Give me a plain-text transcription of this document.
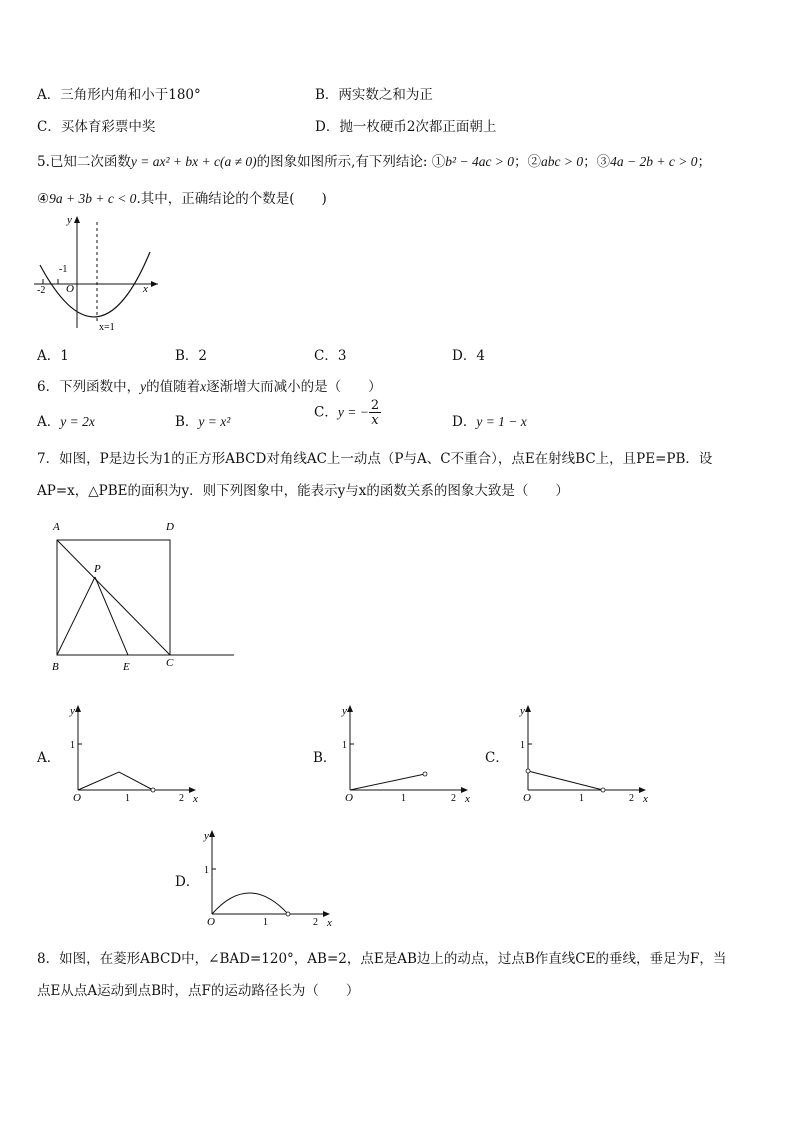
A．三角形内角和小于180°	B．两实数之和为正
C．买体育彩票中奖	D．抛一枚硬币2次都正面朝上
5.已知二次函数y = ax² + bx + c(a ≠ 0)的图象如图所示,有下列结论: ①b² − 4ac > 0；②abc > 0；③4a − 2b + c > 0；
④9a + 3b + c < 0.其中，正确结论的个数是(　　)
y
x
O
-1
-2
x=1
A．1	B．2	C．3	D．4
6．下列函数中，y的值随着x逐渐增大而减小的是（　　）
A．y = 2x	B．y = x²
C．y = − $\frac{2}{x}$	D．y = 1 − x
7．如图，P是边长为1的正方形ABCD对角线AC上一动点（P与A、C不重合），点E在射线BC上，且PE=PB．设
AP=x，△PBE的面积为y．则下列图象中，能表示y与x的函数关系的图象大致是（　　）
A	D
P
B	E	C
A．
y
x
O
1
1	2
B．
y
x
O
1
1	2
C．
y
x
O
1
1	2
D．
y
x
O
1
1	2
8．如图，在菱形ABCD中，∠BAD=120°，AB=2，点E是AB边上的动点，过点B作直线CE的垂线，垂足为F，当
点E从点A运动到点B时，点F的运动路径长为（　　）
